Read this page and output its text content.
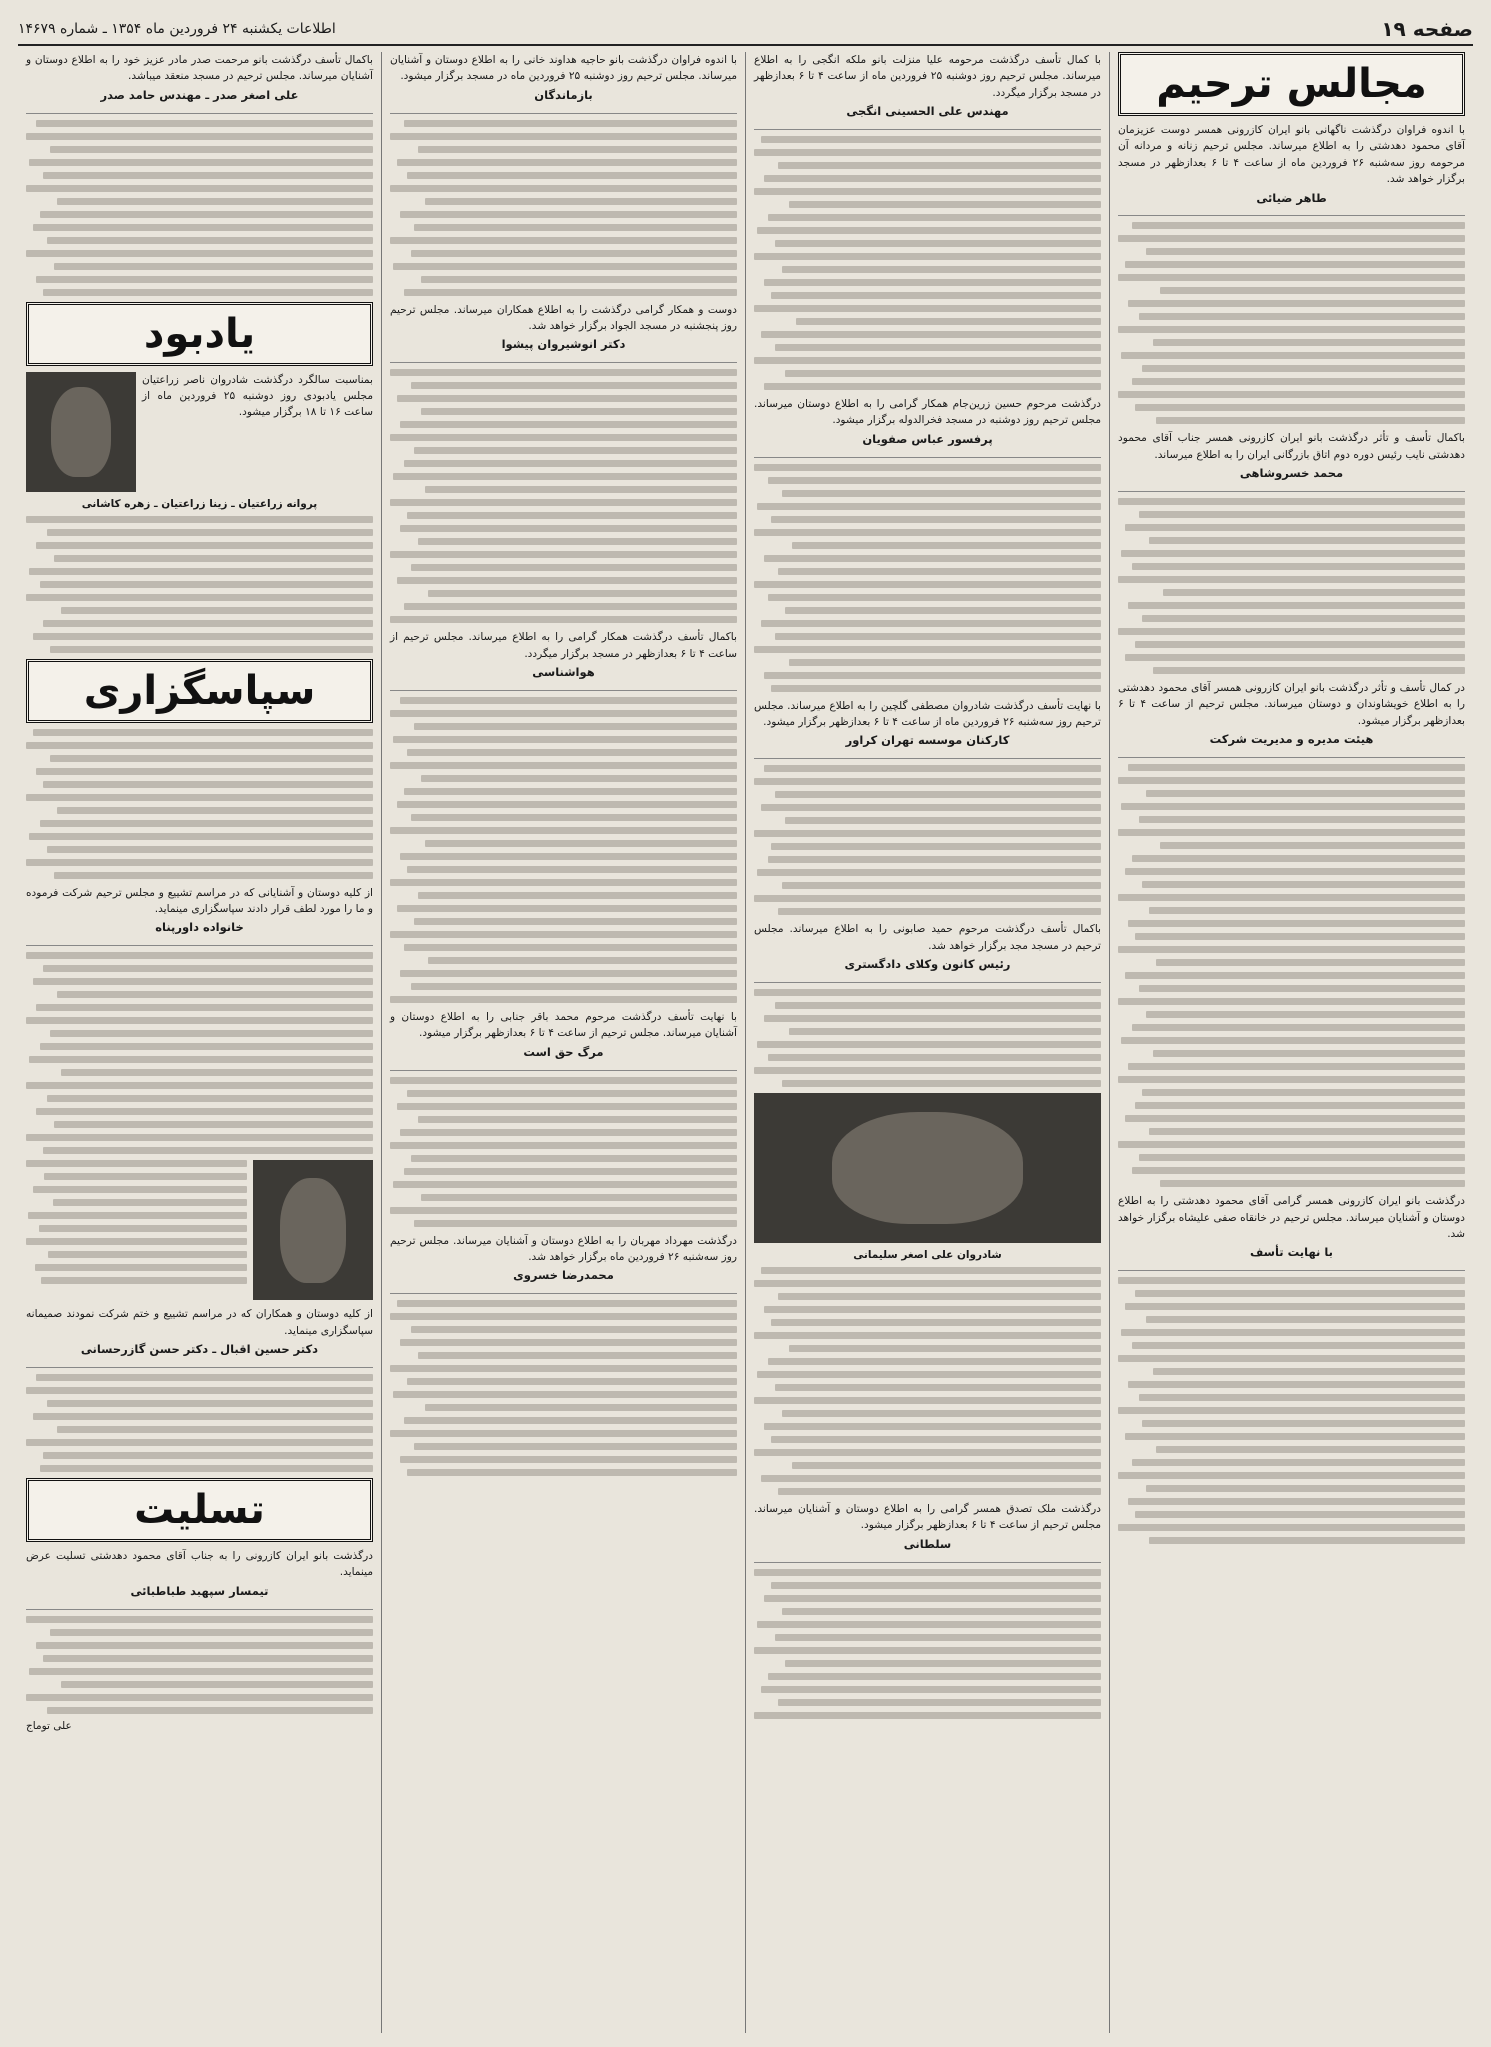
صفحه ۱۹
اطلاعات یکشنبه ۲۴ فروردین ماه ۱۳۵۴ ـ شماره ۱۴۶۷۹
مجالس ترحیم
با اندوه فراوان درگذشت ناگهانی بانو ایران کازرونی همسر دوست عزیزمان آقای محمود دهدشتی را به اطلاع میرساند. مجلس ترحیم زنانه و مردانه آن مرحومه روز سه‌شنبه ۲۶ فروردین ماه از ساعت ۴ تا ۶ بعدازظهر در مسجد برگزار خواهد شد.
طاهر ضیائی
باکمال تأسف و تأثر درگذشت بانو ایران کازرونی همسر جناب آقای محمود دهدشتی نایب رئیس دوره دوم اتاق بازرگانی ایران را به اطلاع میرساند.
محمد خسروشاهی
در کمال تأسف و تأثر درگذشت بانو ایران کازرونی همسر آقای محمود دهدشتی را به اطلاع خویشاوندان و دوستان میرساند. مجلس ترحیم از ساعت ۴ تا ۶ بعدازظهر برگزار میشود.
هیئت مدیره و مدیریت شرکت
درگذشت بانو ایران کازرونی همسر گرامی آقای محمود دهدشتی را به اطلاع دوستان و آشنایان میرساند. مجلس ترحیم در خانقاه صفی علیشاه برگزار خواهد شد.
با نهایت تأسف
با کمال تأسف درگذشت مرحومه علیا منزلت بانو ملکه انگجی را به اطلاع میرساند. مجلس ترحیم روز دوشنبه ۲۵ فروردین ماه از ساعت ۴ تا ۶ بعدازظهر در مسجد برگزار میگردد.
مهندس علی الحسینی انگجی
درگذشت مرحوم حسین زرین‌جام همکار گرامی را به اطلاع دوستان میرساند. مجلس ترحیم روز دوشنبه در مسجد فخرالدوله برگزار میشود.
پرفسور عباس صفویان
با نهایت تأسف درگذشت شادروان مصطفی گلچین را به اطلاع میرساند. مجلس ترحیم روز سه‌شنبه ۲۶ فروردین ماه از ساعت ۴ تا ۶ بعدازظهر برگزار میشود.
کارکنان موسسه تهران کراور
باکمال تأسف درگذشت مرحوم حمید صابونی را به اطلاع میرساند. مجلس ترحیم در مسجد مجد برگزار خواهد شد.
رئیس کانون وکلای دادگستری
شادروان علی اصغر سلیمانی
درگذشت ملک تصدق همسر گرامی را به اطلاع دوستان و آشنایان میرساند. مجلس ترحیم از ساعت ۴ تا ۶ بعدازظهر برگزار میشود.
سلطانی
با اندوه فراوان درگذشت بانو حاجیه هداوند خانی را به اطلاع دوستان و آشنایان میرساند. مجلس ترحیم روز دوشنبه ۲۵ فروردین ماه در مسجد برگزار میشود.
بازماندگان
دوست و همکار گرامی درگذشت را به اطلاع همکاران میرساند. مجلس ترحیم روز پنجشنبه در مسجد الجواد برگزار خواهد شد.
دکتر انوشیروان پیشوا
باکمال تأسف درگذشت همکار گرامی را به اطلاع میرساند. مجلس ترحیم از ساعت ۴ تا ۶ بعدازظهر در مسجد برگزار میگردد.
هواشناسی
با نهایت تأسف درگذشت مرحوم محمد باقر جنابی را به اطلاع دوستان و آشنایان میرساند. مجلس ترحیم از ساعت ۴ تا ۶ بعدازظهر برگزار میشود.
مرگ حق است
درگذشت مهرداد مهربان را به اطلاع دوستان و آشنایان میرساند. مجلس ترحیم روز سه‌شنبه ۲۶ فروردین ماه برگزار خواهد شد.
محمدرضا خسروی
باکمال تأسف درگذشت بانو مرحمت صدر مادر عزیز خود را به اطلاع دوستان و آشنایان میرساند. مجلس ترحیم در مسجد منعقد میباشد.
علی اصغر صدر ـ مهندس حامد صدر
یادبود
بمناسبت سالگرد درگذشت شادروان ناصر زراعتیان مجلس یادبودی روز دوشنبه ۲۵ فروردین ماه از ساعت ۱۶ تا ۱۸ برگزار میشود.
پروانه زراعتیان ـ زینا زراعتیان ـ زهره کاشانی
سپاسگزاری
از کلیه دوستان و آشنایانی که در مراسم تشییع و مجلس ترحیم شرکت فرموده و ما را مورد لطف قرار دادند سپاسگزاری مینماید.
خانواده داورپناه
از کلیه دوستان و همکاران که در مراسم تشییع و ختم شرکت نمودند صمیمانه سپاسگزاری مینماید.
دکتر حسین اقبال ـ دکتر حسن گازرحسانی
تسلیت
درگذشت بانو ایران کازرونی را به جناب آقای محمود دهدشتی تسلیت عرض مینماید.
تیمسار سپهبد طباطبائی
علی توماج
